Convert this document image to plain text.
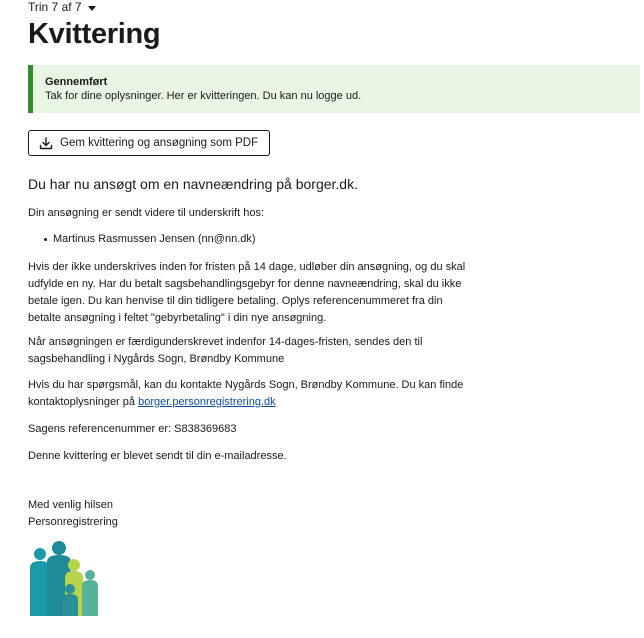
Trin 7 af 7
Kvittering
Gennemført
Tak for dine oplysninger. Her er kvitteringen. Du kan nu logge ud.
Gem kvittering og ansøgning som PDF

Du har nu ansøgt om en navneændring på borger.dk.

Din ansøgning er sendt videre til underskrift hos:

Martinus Rasmussen Jensen (nn@nn.dk)

Hvis der ikke underskrives inden for fristen på 14 dage, udløber din ansøgning, og du skal udfylde en ny. Har du betalt sagsbehandlingsgebyr for denne navneændring, skal du ikke betale igen. Du kan henvise til din tidligere betaling. Oplys referencenummeret fra din betalte ansøgning i feltet "gebyrbetaling" i din nye ansøgning.

Når ansøgningen er færdigunderskrevet indenfor 14-dages-fristen, sendes den til sagsbehandling i Nygårds Sogn, Brøndby Kommune

Hvis du har spørgsmål, kan du kontakte Nygårds Sogn, Brøndby Kommune. Du kan finde kontaktoplysninger på borger.personregistrering.dk

Sagens referencenummer er: S838369683

Denne kvittering er blevet sendt til din e-mailadresse.

Med venlig hilsen

Personregistrering
